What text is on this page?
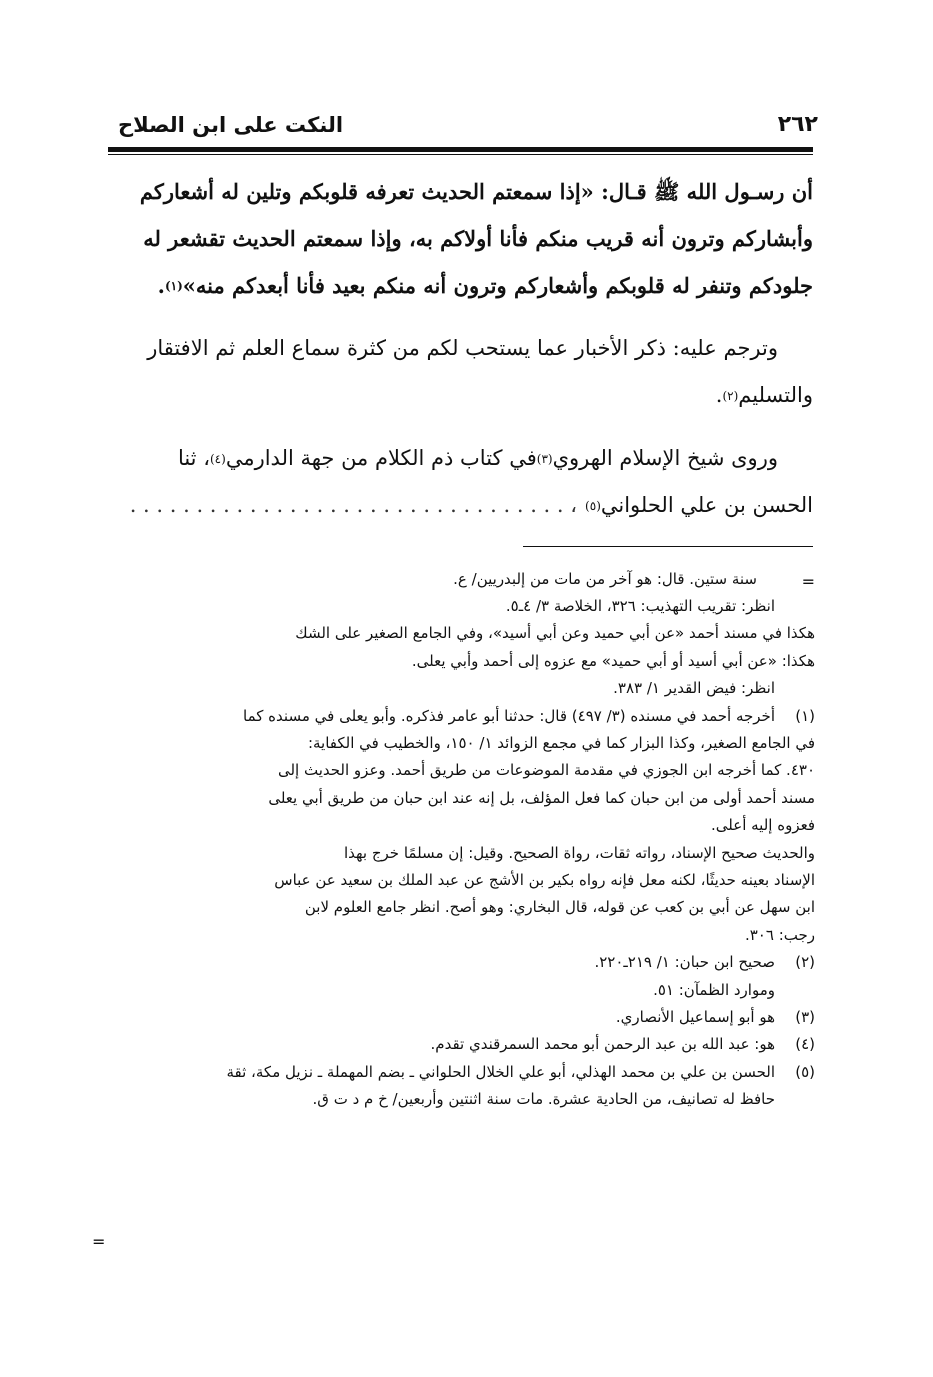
٢٦٢
النكت على ابن الصلاح
أن رسـول الله ﷺ قـال: «إذا سمعتم الحديث تعرفه قلوبكم وتلين له أشعاركم
وأبشاركم وترون أنه قريب منكم فأنا أولاكم به، وإذا سمعتم الحديث تقشعر له
جلودكم وتنفر له قلوبكم وأشعاركم وترون أنه منكم بعيد فأنا أبعدكم منه»
(١)
.
وترجم عليه: ذكر الأخبار عما يستحب لكم من كثرة سماع العلم ثم الافتقار
والتسليم
(٢)
.
وروى شيخ الإسلام الهروي
(٣)
في كتاب ذم الكلام من جهة الدارمي
(٤)
، ثنا
الحسن بن علي الحلواني
(٥)
، . . . . . . . . . . . . . . . . . . . . . . . . . . . . . . . . .
=
سنة ستين. قال: هو آخر من مات من إلبدريين/ ع.
انظر: تقريب التهذيب: ٣٢٦، الخلاصة ٣/ ٤ـ٥.
هكذا في مسند أحمد «عن أبي حميد وعن أبي أسيد»، وفي الجامع الصغير على الشك
هكذا: «عن أبي أسيد أو أبي حميد» مع عزوه إلى أحمد وأبي يعلى.
انظر: فيض القدير ١/ ٣٨٣.
(١)
أخرجه أحمد في مسنده (٣/ ٤٩٧) قال: حدثنا أبو عامر فذكره. وأبو يعلى في مسنده كما
في الجامع الصغير، وكذا البزار كما في مجمع الزوائد ١/ ١٥٠، والخطيب في الكفاية:
٤٣٠. كما أخرجه ابن الجوزي في مقدمة الموضوعات من طريق أحمد. وعزو الحديث إلى
مسند أحمد أولى من ابن حبان كما فعل المؤلف، بل إنه عند ابن حبان من طريق أبي يعلى
فعزوه إليه أعلى.
والحديث صحيح الإسناد، رواته ثقات، رواة الصحيح. وقيل: إن مسلمًا خرج بهذا
الإسناد بعينه حديثًا، لكنه معل فإنه رواه بكير بن الأشج عن عبد الملك بن سعيد عن عباس
ابن سهل عن أبي بن كعب عن قوله، قال البخاري: وهو أصح. انظر جامع العلوم لابن
رجب: ٣٠٦.
(٢)
صحيح ابن حبان: ١/ ٢١٩ـ٢٢٠.
وموارد الظمآن: ٥١.
(٣)
هو أبو إسماعيل الأنصاري.
(٤)
هو: عبد الله بن عبد الرحمن أبو محمد السمرقندي تقدم.
(٥)
الحسن بن علي بن محمد الهذلي، أبو علي الخلال الحلواني ـ بضم المهملة ـ نزيل مكة، ثقة
حافظ له تصانيف، من الحادية عشرة. مات سنة اثنتين وأربعين/ خ م د ت ق.
=
